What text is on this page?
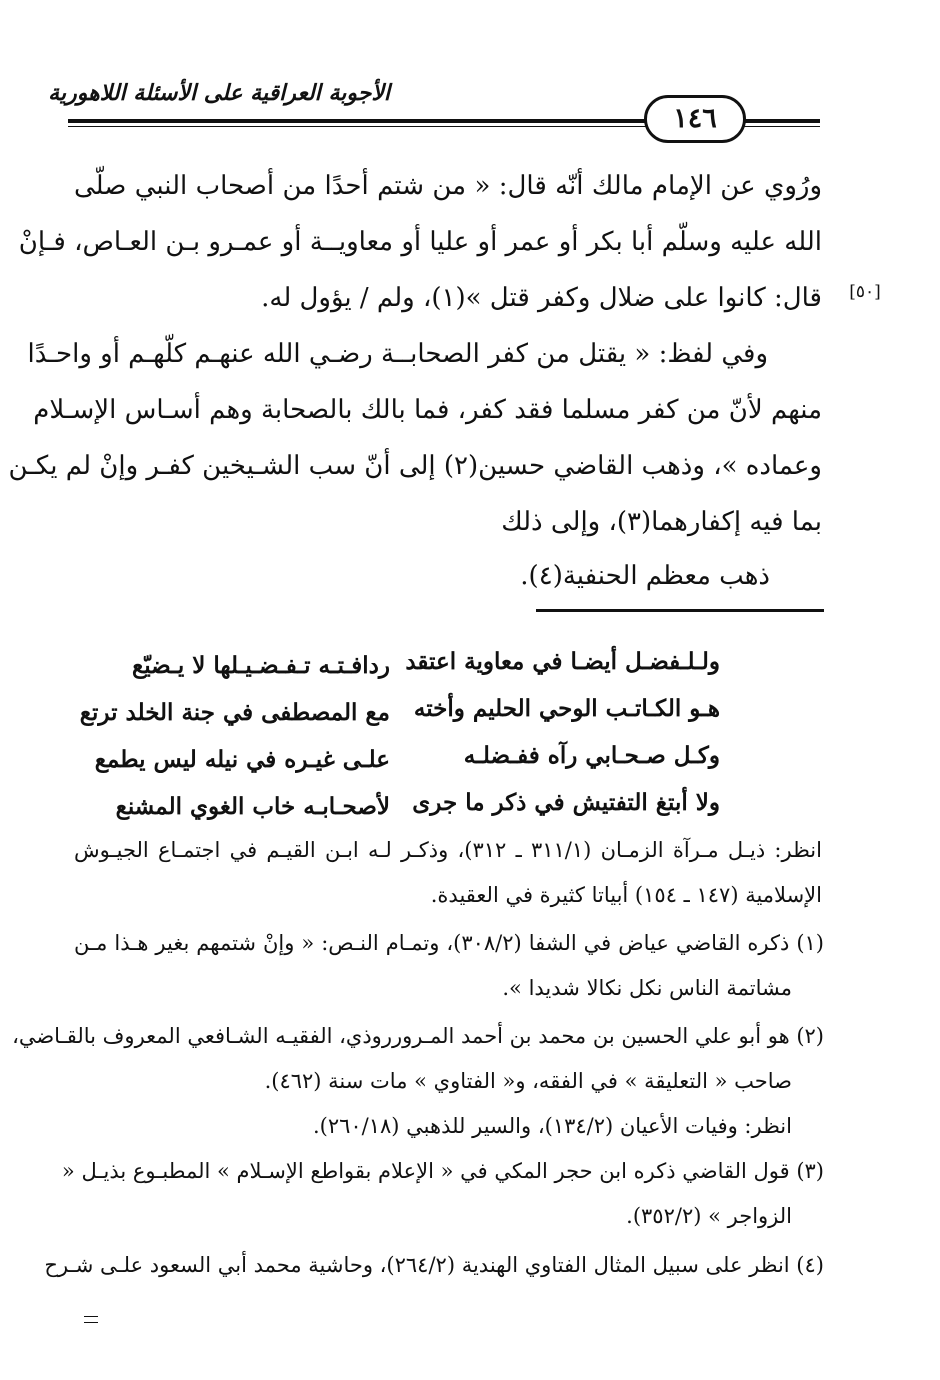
الأجوبة العراقية على الأسئلة اللاهورية
١٤٦
ورُوي عن الإمام مالك أنّه قال: « من شتم أحدًا من أصحاب النبي صلّى
الله عليه وسلّم أبا بكر أو عمر أو عليا أو معاويــة أو عمـرو بـن العـاص، فـإنْ
قال: كانوا على ضلال وكفر قتل »(١)، ولم / يؤول له.	[٥٠]
وفي لفظ: « يقتل من كفر الصحابــة رضـي الله عنهـم كلّهـم أو واحـدًا
منهم لأنّ من كفر مسلما فقد كفر، فما بالك بالصحابة وهم أسـاس الإسـلام
وعماده »، وذهب القاضي حسين(٢) إلى أنّ سب الشـيخين كفـر وإنْ لم يكـن
بما فيه إكفارهما(٣)، وإلى ذلك
ذهب معظم الحنفية(٤).
ولـلـفضـل أيضـا في معاوية اعتقد
ردافـتـه تـفـضـيـلها لا يـضيّع
هـو الكـاتـب الوحي الحليم وأخته
مع المصطفى في جنة الخلد ترتع
وكـل صـحـابي رآه ففـضلـه
علـى غيـره في نيله ليس يطمع
ولا أبتغ التفتيش في ذكر ما جرى
لأصحـابـه خاب الغوي المشنع
انظر: ذيـل مـرآة الزمـان (٣١١/١ ـ ٣١٢)، وذكـر لـه ابـن القيـم في اجتمـاع الجيـوش
الإسلامية (١٤٧ ـ ١٥٤) أبياتا كثيرة في العقيدة.
(١) ذكره القاضي عياض في الشفا (٣٠٨/٢)، وتمـام النـص: « وإنْ شتمهم بغير هـذا مـن
مشاتمة الناس نكل نكالا شديدا ».
(٢) هو أبو علي الحسين بن محمد بن أحمد المـرورروذي، الفقيـه الشـافعي المعروف بالقـاضي،
صاحب « التعليقة » في الفقه، و« الفتاوي » مات سنة (٤٦٢).
انظر: وفيات الأعيان (١٣٤/٢)، والسير للذهبي (٢٦٠/١٨).
(٣) قول القاضي ذكره ابن حجر المكي في « الإعلام بقواطع الإسـلام » المطبـوع بذيـل «
الزواجر » (٣٥٢/٢).
(٤) انظر على سبيل المثال الفتاوي الهندية (٢٦٤/٢)، وحاشية محمد أبي السعود علـى شـرح
